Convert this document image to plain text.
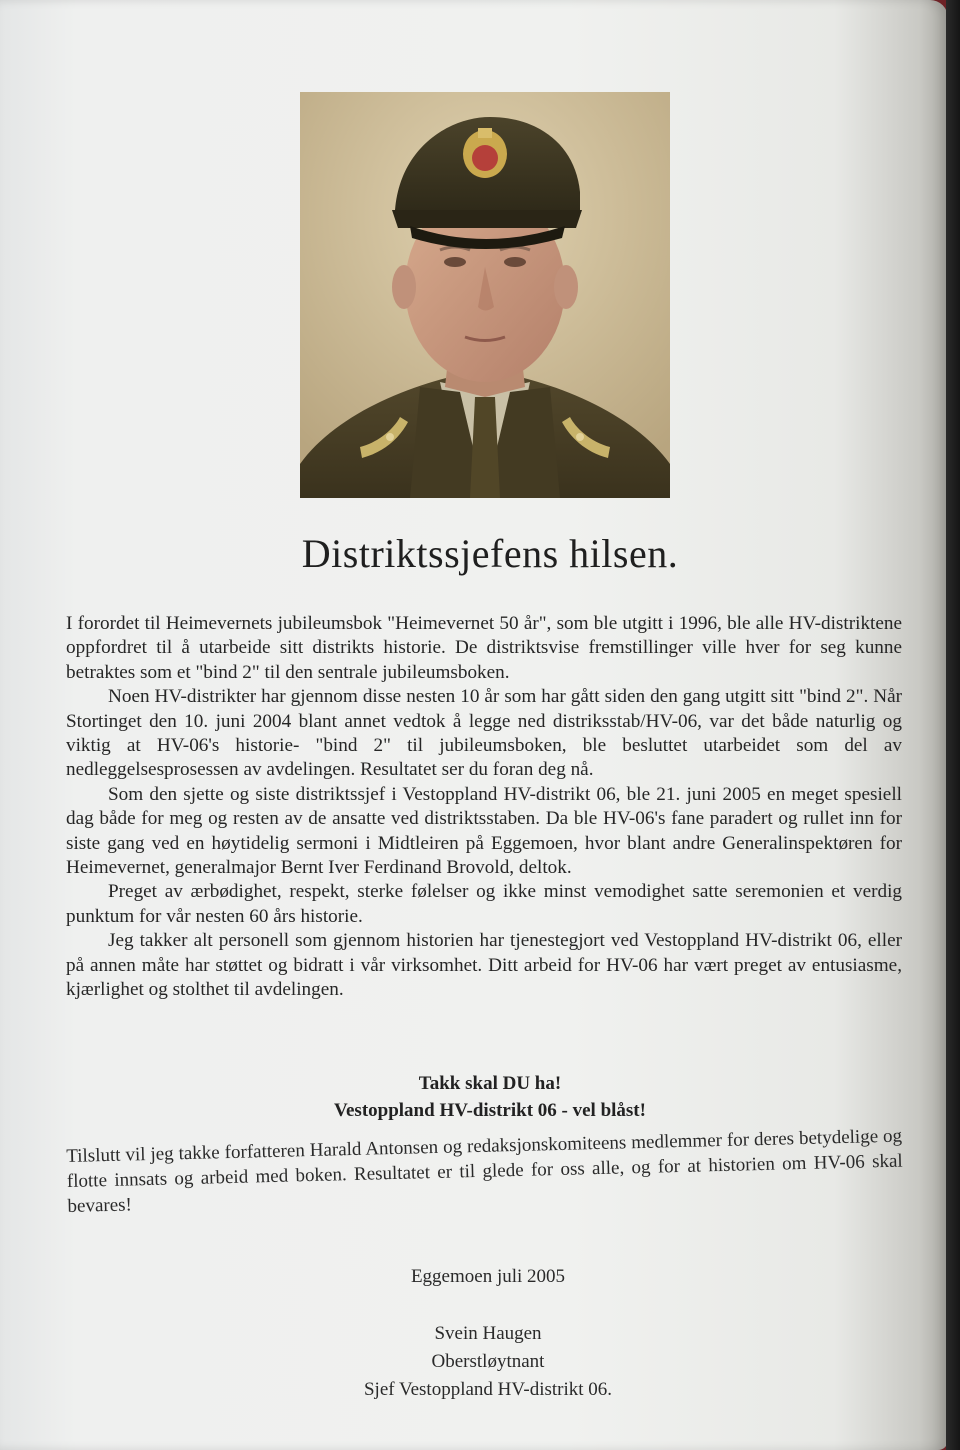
Distriktssjefens hilsen.

I forordet til Heimevernets jubileumsbok "Heimevernet 50 år", som ble utgitt i 1996, ble alle HV-distriktene oppfordret til å utarbeide sitt distrikts historie. De distriktsvise fremstillinger ville hver for seg kunne betraktes som et "bind 2" til den sentrale jubileumsboken.

Noen HV-distrikter har gjennom disse nesten 10 år som har gått siden den gang utgitt sitt "bind 2". Når Stortinget den 10. juni 2004 blant annet vedtok å legge ned distriksstab/HV-06, var det både naturlig og viktig at HV-06's historie- "bind 2" til jubileumsboken, ble besluttet utarbeidet som del av nedleggelsesprosessen av avdelingen. Resultatet ser du foran deg nå.

Som den sjette og siste distriktssjef i Vestoppland HV-distrikt 06, ble 21. juni 2005 en meget spesiell dag både for meg og resten av de ansatte ved distriktsstaben. Da ble HV-06's fane paradert og rullet inn for siste gang ved en høytidelig sermoni i Midtleiren på Eggemoen, hvor blant andre Generalinspektøren for Heimevernet, generalmajor Bernt Iver Ferdinand Brovold, deltok.

Preget av ærbødighet, respekt, sterke følelser og ikke minst vemodighet satte seremonien et verdig punktum for vår nesten 60 års historie.

Jeg takker alt personell som gjennom historien har tjenestegjort ved Vestoppland HV-distrikt 06, eller på annen måte har støttet og bidratt i vår virksomhet. Ditt arbeid for HV-06 har vært preget av entusiasme, kjærlighet og stolthet til avdelingen.

Takk skal DU ha!
Vestoppland HV-distrikt 06 - vel blåst!
Tilslutt vil jeg takke forfatteren Harald Antonsen og redaksjonskomiteens medlemmer for deres betydelige og flotte innsats og arbeid med boken. Resultatet er til glede for oss alle, og for at historien om HV-06 skal bevares!
Eggemoen juli 2005
Svein Haugen
Oberstløytnant
Sjef Vestoppland HV-distrikt 06.
